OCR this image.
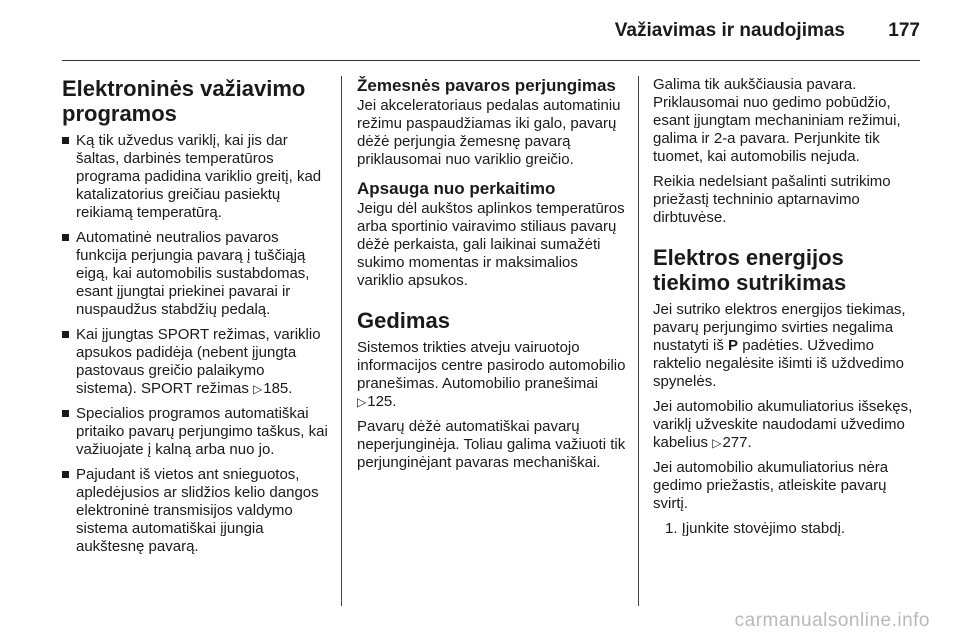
Važiavimas ir naudojimas	177
Elektroninės važiavimo programos
Ką tik užvedus variklį, kai jis dar šaltas, darbinės temperatūros programa padidina variklio greitį, kad katalizatorius greičiau pasiektų reikiamą temperatūrą.
Automatinė neutralios pavaros funkcija perjungia pavarą į tuščiąją eigą, kai automobilis sustabdomas, esant įjungtai priekinei pavarai ir nuspaudžus stabdžių pedalą.
Kai įjungtas SPORT režimas, variklio apsukos padidėja (nebent įjungta pastovaus greičio palaikymo sistema). SPORT režimas ▷185.
Specialios programos automatiškai pritaiko pavarų perjungimo taškus, kai važiuojate į kalną arba nuo jo.
Pajudant iš vietos ant snieguotos, apledėjusios ar slidžios kelio dangos elektroninė transmisijos valdymo sistema automatiškai įjungia aukštesnę pavarą.
Žemesnės pavaros perjungimas

Jei akceleratoriaus pedalas automatiniu režimu paspaudžiamas iki galo, pavarų dėžė perjungia žemesnę pavarą priklausomai nuo variklio greičio.

Apsauga nuo perkaitimo

Jeigu dėl aukštos aplinkos temperatūros arba sportinio vairavimo stiliaus pavarų dėžė perkaista, gali laikinai sumažėti sukimo momentas ir maksimalios variklio apsukos.

Gedimas

Sistemos trikties atveju vairuotojo informacijos centre pasirodo automobilio pranešimas. Automobilio pranešimai ▷125.

Pavarų dėžė automatiškai pavarų neperjunginėja. Toliau galima važiuoti tik perjunginėjant pavaras mechaniškai.

Galima tik aukščiausia pavara. Priklausomai nuo gedimo pobūdžio, esant įjungtam mechaniniam režimui, galima ir 2-a pavara. Perjunkite tik tuomet, kai automobilis nejuda.

Reikia nedelsiant pašalinti sutrikimo priežastį techninio aptarnavimo dirbtuvėse.

Elektros energijos tiekimo sutrikimas

Jei sutriko elektros energijos tiekimas, pavarų perjungimo svirties negalima nustatyti iš P padėties. Užvedimo raktelio negalėsite išimti iš uždvedimo spynelės.

Jei automobilio akumuliatorius išsekęs, variklį užveskite naudodami užvedimo kabelius ▷277.

Jei automobilio akumuliatorius nėra gedimo priežastis, atleiskite pavarų svirtį.

1. Įjunkite stovėjimo stabdį.
carmanualsonline.info
